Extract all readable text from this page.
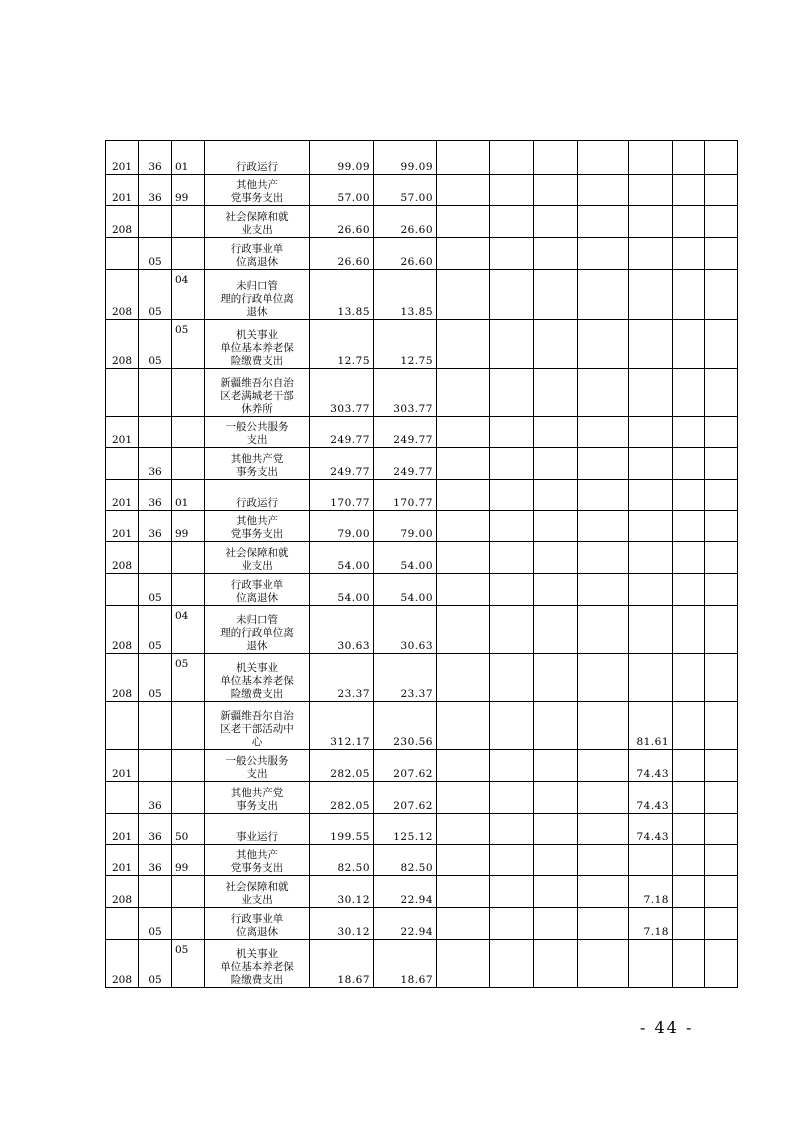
201	36	01	行政运行	99.09	99.09							
201	36	99	其他共产
党事务支出	57.00	57.00							
208			社会保障和就
业支出	26.60	26.60							
	05		行政事业单
位离退休	26.60	26.60							
208	05	04	未归口管
理的行政单位离
退休	13.85	13.85							
208	05	05	机关事业
单位基本养老保
险缴费支出	12.75	12.75							

			新疆维吾尔自治
区老满城老干部
休养所	303.77	303.77							
201			一般公共服务
支出	249.77	249.77							
	36		其他共产党
事务支出	249.77	249.77							
201	36	01	行政运行	170.77	170.77							
201	36	99	其他共产
党事务支出	79.00	79.00							
208			社会保障和就
业支出	54.00	54.00							
	05		行政事业单
位离退休	54.00	54.00							
208	05	04	未归口管
理的行政单位离
退休	30.63	30.63							
208	05	05	机关事业
单位基本养老保
险缴费支出	23.37	23.37							

			新疆维吾尔自治
区老干部活动中
心	312.17	230.56					81.61		
201			一般公共服务
支出	282.05	207.62					74.43		
	36		其他共产党
事务支出	282.05	207.62					74.43		
201	36	50	事业运行	199.55	125.12					74.43		
201	36	99	其他共产
党事务支出	82.50	82.50							
208			社会保障和就
业支出	30.12	22.94					7.18		
	05		行政事业单
位离退休	30.12	22.94					7.18		
208	05	05	机关事业
单位基本养老保
险缴费支出	18.67	18.67							
- 44 -
